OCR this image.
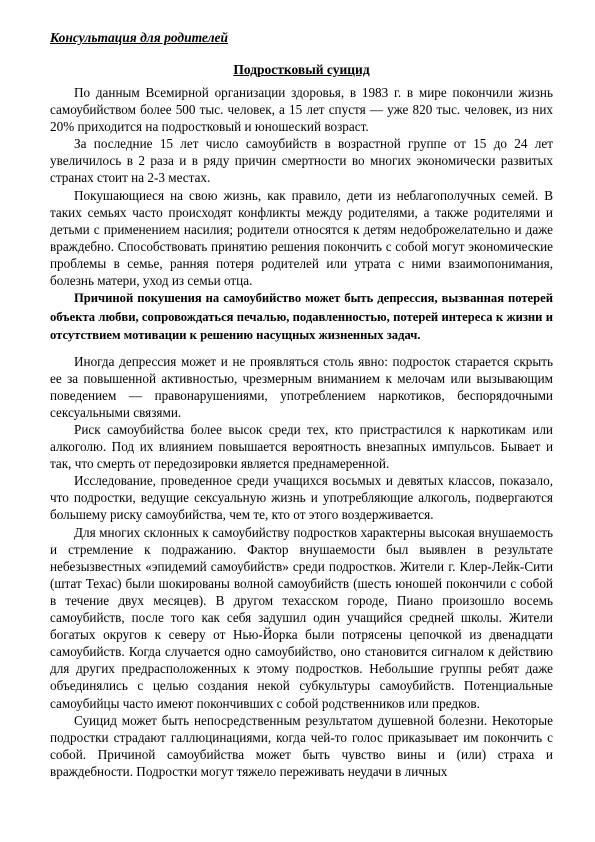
Консультация для родителей
Подростковый суицид

По данным Всемирной организации здоровья, в 1983 г. в мире покончили жизнь самоубийством более 500 тыс. человек, а 15 лет спустя — уже 820 тыс. человек, из них 20% приходится на подростковый и юношеский возраст.

За последние 15 лет число самоубийств в возрастной группе от 15 до 24 лет увеличилось в 2 раза и в ряду причин смертности во многих экономически развитых странах стоит на 2-3 местах.

Покушающиеся на свою жизнь, как правило, дети из неблагополучных семей. В таких семьях часто происходят конфликты между родителями, а также родителями и детьми с применением насилия; родители относятся к детям недоброжелательно и даже враждебно. Способствовать принятию решения покончить с собой могут экономические проблемы в семье, ранняя потеря родителей или утрата с ними взаимопонимания, болезнь матери, уход из семьи отца.

Причиной покушения на самоубийство может быть депрессия, вызванная потерей объекта любви, сопровождаться печалью, подавленностью, потерей интереса к жизни и отсутствием мотивации к решению насущных жизненных задач.

Иногда депрессия может и не проявляться столь явно: подросток старается скрыть ее за повышенной активностью, чрезмерным вниманием к мелочам или вызывающим поведением — правонарушениями, употреблением наркотиков, беспорядочными сексуальными связями.

Риск самоубийства более высок среди тех, кто пристрастился к наркотикам или алкоголю. Под их влиянием повышается вероятность внезапных импульсов. Бывает и так, что смерть от передозировки является преднамеренной.

Исследование, проведенное среди учащихся восьмых и девятых классов, показало, что подростки, ведущие сексуальную жизнь и употребляющие алкоголь, подвергаются большему риску самоубийства, чем те, кто от этого воздерживается.

Для многих склонных к самоубийству подростков характерны высокая внушаемость и стремление к подражанию. Фактор внушаемости был выявлен в результате небезызвестных «эпидемий самоубийств» среди подростков. Жители г. Клер-Лейк-Сити (штат Техас) были шокированы волной самоубийств (шесть юношей покончили с собой в течение двух месяцев). В другом техасском городе, Пиано произошло восемь самоубийств, после того как себя задушил один учащийся средней школы. Жители богатых округов к северу от Нью-Йорка были потрясены цепочкой из двенадцати самоубийств. Когда случается одно самоубийство, оно становится сигналом к действию для других предрасположенных к этому подростков. Небольшие группы ребят даже объединялись с целью создания некой субкультуры самоубийств. Потенциальные самоубийцы часто имеют покончивших с собой родственников или предков.

Суицид может быть непосредственным результатом душевной болезни. Некоторые подростки страдают галлюцинациями, когда чей-то голос приказывает им покончить с собой. Причиной самоубийства может быть чувство вины и (или) страха и враждебности. Подростки могут тяжело переживать неудачи в личных
